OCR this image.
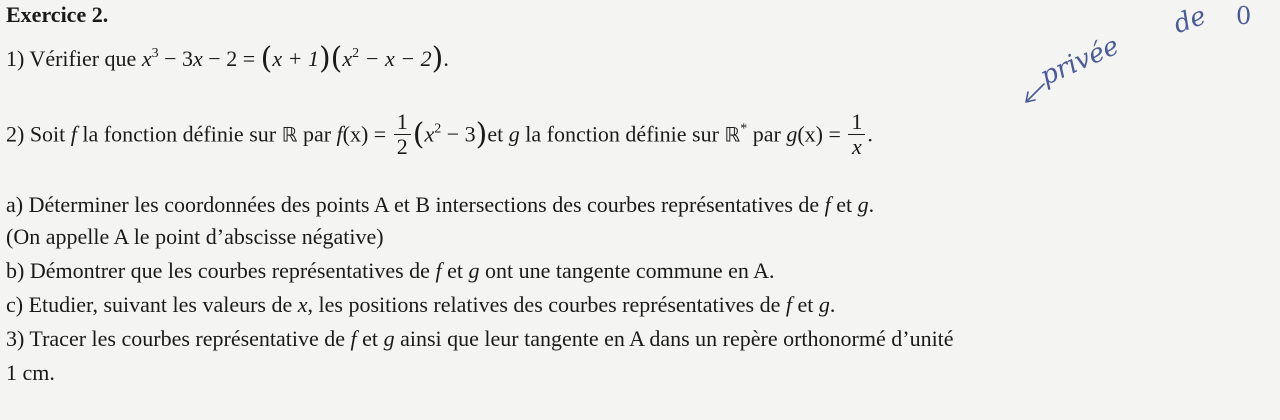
Exercice 2.
1) Vérifier que $x^3 - 3x - 2 = (x + 1)(x^2 - x - 2)$.
2) Soit f la fonction définie sur ℝ par $f(x) = \frac{1}{2} (x^2 - 3)et$ g la fonction définie sur ℝ* par $g(x) = \frac{1}{x}$ .
a) Déterminer les coordonnées des points A et B intersections des courbes représentatives de f et g.
(On appelle A le point d’abscisse négative)
b) Démontrer que les courbes représentatives de f et g ont une tangente commune en A.
c) Etudier, suivant les valeurs de x, les positions relatives des courbes représentatives de f et g.
3) Tracer les courbes représentative de f et g ainsi que leur tangente en A dans un repère orthonormé d’unité
1 cm.
privée
de 0
